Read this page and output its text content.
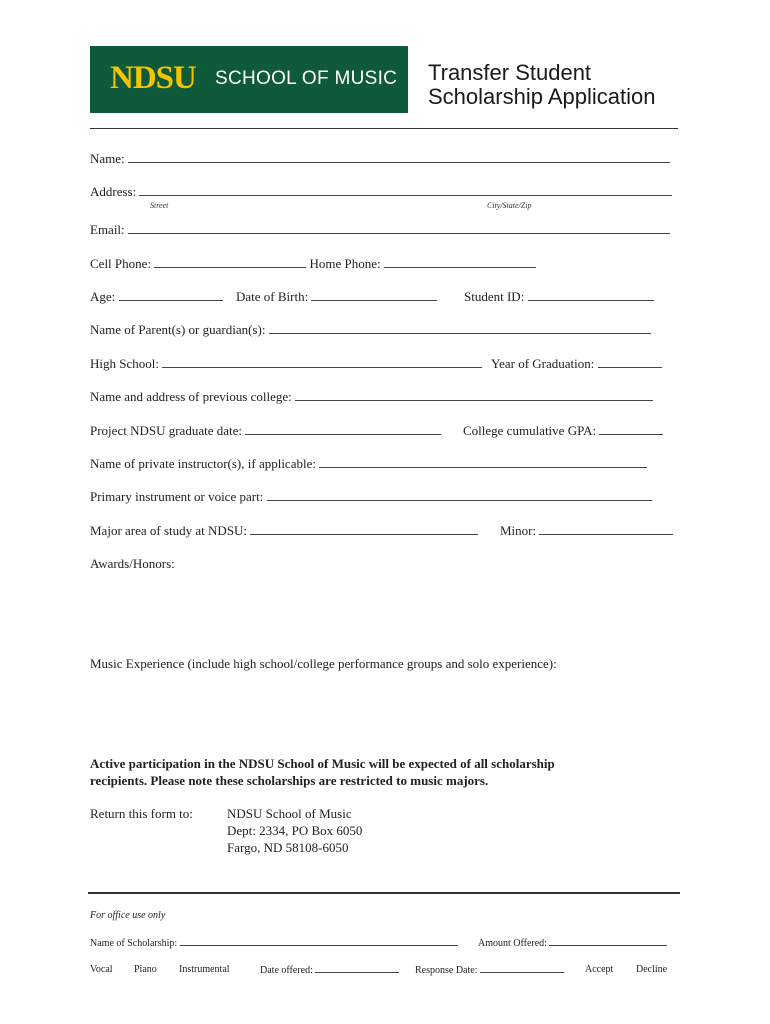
NDSU SCHOOL OF MUSIC Transfer Student
Scholarship Application
Name:
Address:
Street	City/State/Zip
Email:
Cell Phone:	Home Phone:
Age:	Date of Birth:	Student ID:
Name of Parent(s) or guardian(s):
High School:	Year of Graduation:
Name and address of previous college:
Project NDSU graduate date:	College cumulative GPA:
Name of private instructor(s), if applicable:
Primary instrument or voice part:
Major area of study at NDSU:	Minor:
Awards/Honors:
Music Experience (include high school/college performance groups and solo experience):
Active participation in the NDSU School of Music will be expected of all scholarship
recipients. Please note these scholarships are restricted to music majors.
Return this form to:	NDSU School of Music
Dept: 2334, PO Box 6050
Fargo, ND 58108-6050
For office use only
Name of Scholarship:	Amount Offered:
Vocal Piano Instrumental	Date offered:	Response Date:	Accept Decline
